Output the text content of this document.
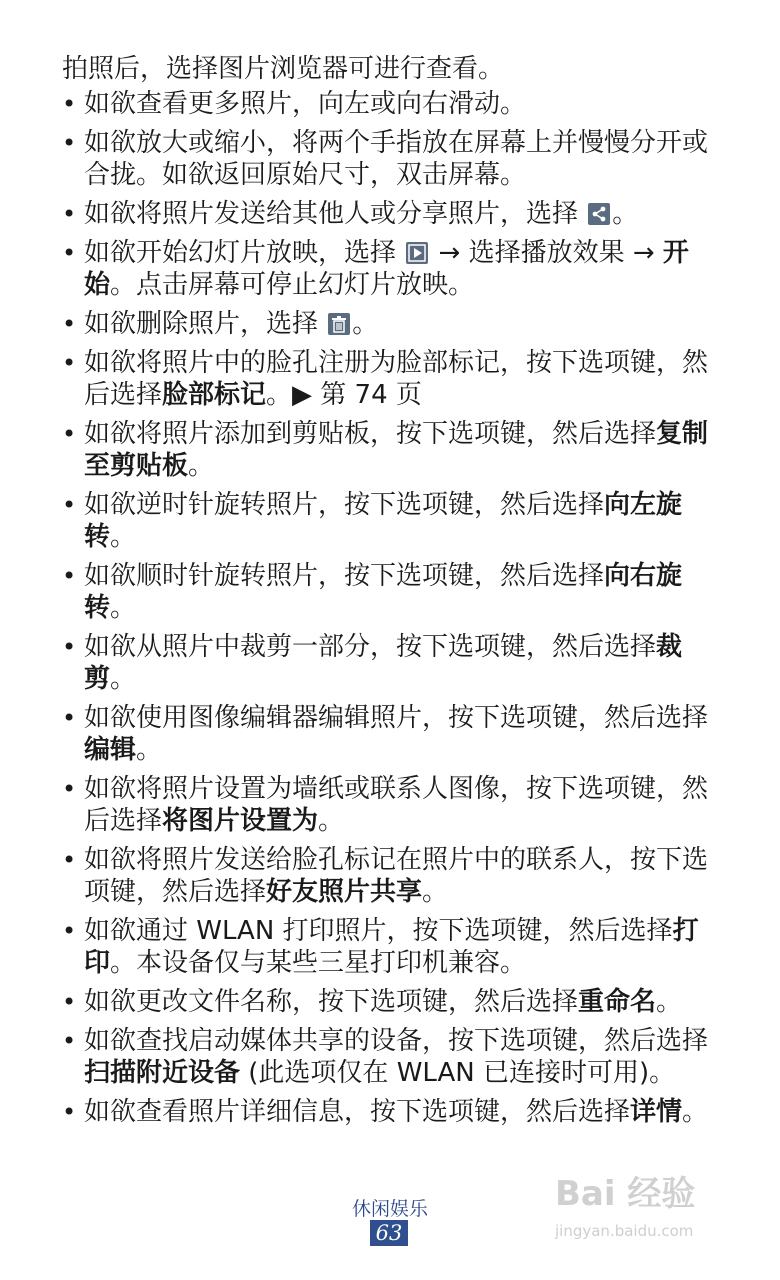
拍照后，选择图片浏览器可进行查看。

• 如欲查看更多照片，向左或向右滑动。
• 如欲放大或缩小，将两个手指放在屏幕上并慢慢分开或合拢。如欲返回原始尺寸，双击屏幕。
• 如欲将照片发送给其他人或分享照片，选择
。
• 如欲开始幻灯片放映，选择
→ 选择播放效果 → 开始。点击屏幕可停止幻灯片放映。
• 如欲删除照片，选择
。
• 如欲将照片中的脸孔注册为脸部标记，按下选项键，然后选择脸部标记。▶ 第 74 页
• 如欲将照片添加到剪贴板，按下选项键，然后选择复制至剪贴板。
• 如欲逆时针旋转照片，按下选项键，然后选择向左旋转。
• 如欲顺时针旋转照片，按下选项键，然后选择向右旋转。
• 如欲从照片中裁剪一部分，按下选项键，然后选择裁剪。
• 如欲使用图像编辑器编辑照片，按下选项键，然后选择编辑。
• 如欲将照片设置为墙纸或联系人图像，按下选项键，然后选择将图片设置为。
• 如欲将照片发送给脸孔标记在照片中的联系人，按下选项键，然后选择好友照片共享。
• 如欲通过 WLAN 打印照片，按下选项键，然后选择打印。本设备仅与某些三星打印机兼容。
• 如欲更改文件名称，按下选项键，然后选择重命名。
• 如欲查找启动媒体共享的设备，按下选项键，然后选择扫描附近设备 (此选项仅在 WLAN 已连接时可用)。
• 如欲查看照片详细信息，按下选项键，然后选择详情。
休闲娱乐
63
Bai 经验
jingyan.baidu.com
